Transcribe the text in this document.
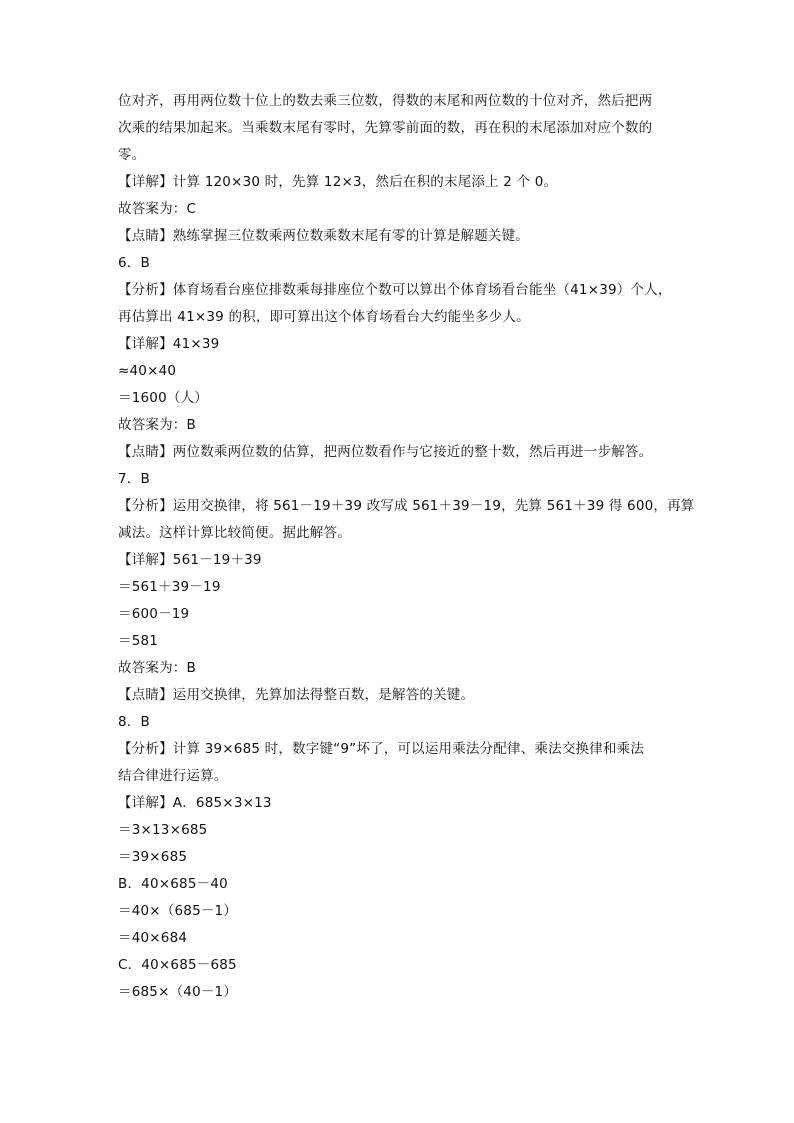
位对齐，再用两位数十位上的数去乘三位数，得数的末尾和两位数的十位对齐，然后把两
次乘的结果加起来。当乘数末尾有零时，先算零前面的数，再在积的末尾添加对应个数的
零。
【详解】计算 120×30 时，先算 12×3，然后在积的末尾添上 2 个 0。
故答案为：C
【点睛】熟练掌握三位数乘两位数乘数末尾有零的计算是解题关键。
6．B
【分析】体育场看台座位排数乘每排座位个数可以算出个体育场看台能坐（41×39）个人，
再估算出 41×39 的积，即可算出这个体育场看台大约能坐多少人。
【详解】41×39
≈40×40
＝1600（人）
故答案为：B
【点睛】两位数乘两位数的估算，把两位数看作与它接近的整十数，然后再进一步解答。
7．B
【分析】运用交换律，将 561－19＋39 改写成 561＋39－19，先算 561＋39 得 600，再算
减法。这样计算比较简便。据此解答。
【详解】561－19＋39
＝561＋39－19
＝600－19
＝581
故答案为：B
【点睛】运用交换律，先算加法得整百数，是解答的关键。
8．B
【分析】计算 39×685 时，数字键“9”坏了，可以运用乘法分配律、乘法交换律和乘法
结合律进行运算。
【详解】A．685×3×13
＝3×13×685
＝39×685
B．40×685－40
＝40×（685－1）
＝40×684
C．40×685－685
＝685×（40－1）
